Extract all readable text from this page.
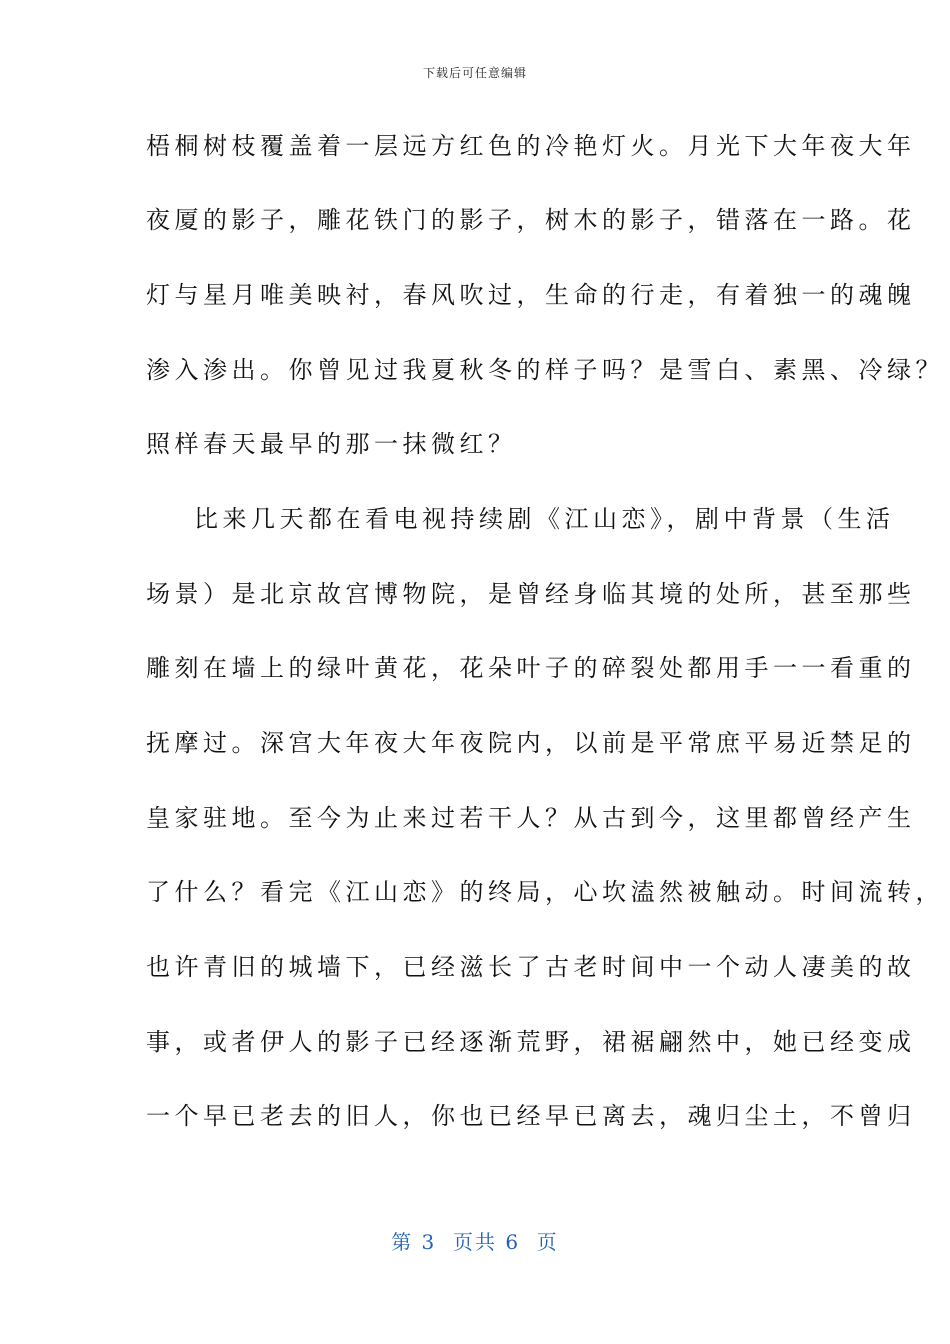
下载后可任意编辑
梧桐树枝覆盖着一层远方红色的冷艳灯火。月光下大年夜大年
夜厦的影子，雕花铁门的影子，树木的影子，错落在一路。花
灯与星月唯美映衬，春风吹过，生命的行走，有着独一的魂魄
渗入渗出。你曾见过我夏秋冬的样子吗？是雪白、素黑、冷绿？
照样春天最早的那一抹微红？
比来几天都在看电视持续剧《江山恋》，剧中背景（生活
场景）是北京故宫博物院，是曾经身临其境的处所，甚至那些
雕刻在墙上的绿叶黄花，花朵叶子的碎裂处都用手一一看重的
抚摩过。深宫大年夜大年夜院内，以前是平常庶平易近禁足的
皇家驻地。至今为止来过若干人？从古到今，这里都曾经产生
了什么？看完《江山恋》的终局，心坎溘然被触动。时间流转，
也许青旧的城墙下，已经滋长了古老时间中一个动人凄美的故
事，或者伊人的影子已经逐渐荒野，裙裾翩然中，她已经变成
一个早已老去的旧人，你也已经早已离去，魂归尘土，不曾归
第 3  页共 6  页
